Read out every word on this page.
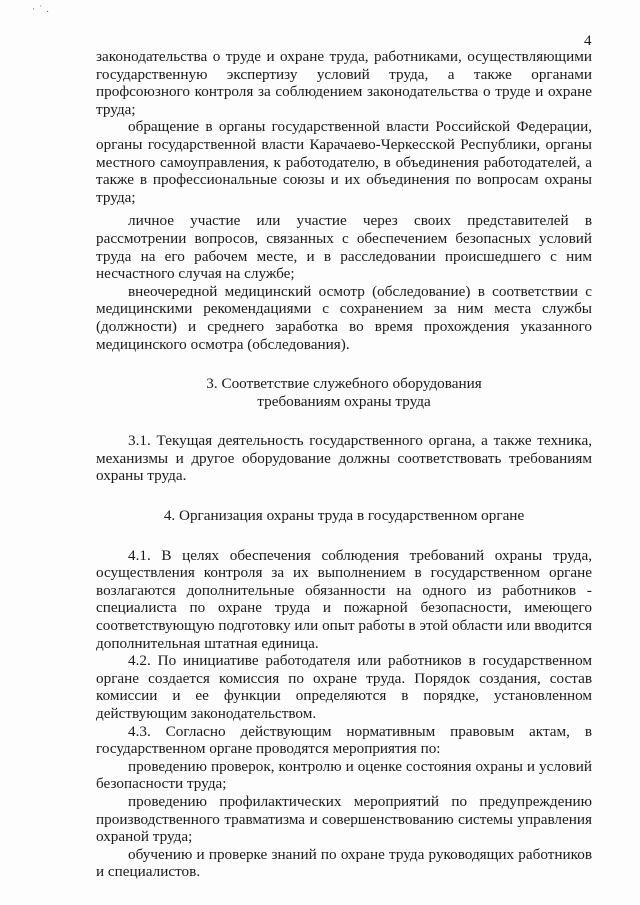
· ˙ .
4

законодательства о труде и охране труда, работниками, осуществляющими государственную экспертизу условий труда, а также органами профсоюзного контроля за соблюдением законодательства о труде и охране труда;

обращение в органы государственной власти Российской Федерации, органы государственной власти Карачаево-Черкесской Республики, органы местного самоуправления, к работодателю, в объединения работодателей, а также в профессиональные союзы и их объединения по вопросам охраны труда;

личное участие или участие через своих представителей в рассмотрении вопросов, связанных с обеспечением безопасных условий труда на его рабочем месте, и в расследовании происшедшего с ним несчастного случая на службе;

внеочередной медицинский осмотр (обследование) в соответствии с медицинскими рекомендациями с сохранением за ним места службы (должности) и среднего заработка во время прохождения указанного медицинского осмотра (обследования).

3. Соответствие служебного оборудования

требованиям охраны труда

3.1. Текущая деятельность государственного органа, а также техника, механизмы и другое оборудование должны соответствовать требованиям охраны труда.

4. Организация охраны труда в государственном органе

4.1. В целях обеспечения соблюдения требований охраны труда, осуществления контроля за их выполнением в государственном органе возлагаются дополнительные обязанности на одного из работников - специалиста по охране труда и пожарной безопасности, имеющего соответствующую подготовку или опыт работы в этой области или вводится дополнительная штатная единица.

4.2. По инициативе работодателя или работников в государственном органе создается комиссия по охране труда. Порядок создания, состав комиссии и ее функции определяются в порядке, установленном действующим законодательством.

4.3. Согласно действующим нормативным правовым актам, в государственном органе проводятся мероприятия по:

проведению проверок, контролю и оценке состояния охраны и условий безопасности труда;

проведению профилактических мероприятий по предупреждению производственного травматизма и совершенствованию системы управления охраной труда;

обучению и проверке знаний по охране труда руководящих работников и специалистов.
